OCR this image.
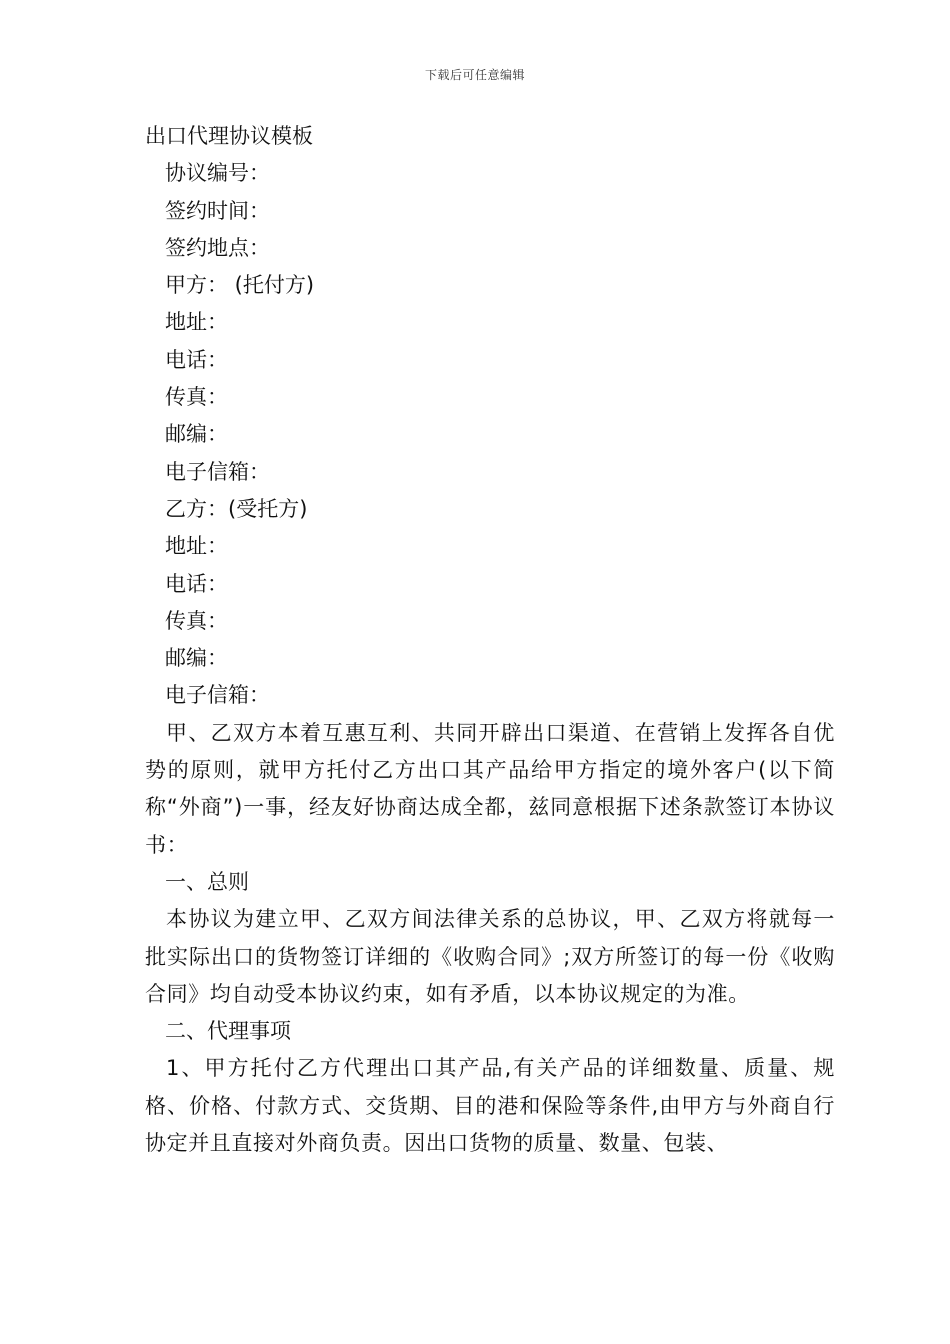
下载后可任意编辑
出口代理协议模板
协议编号：
签约时间：
签约地点：
甲方： (托付方)
地址：
电话：
传真：
邮编：
电子信箱：
乙方：(受托方)
地址：
电话：
传真：
邮编：
电子信箱：
甲、乙双方本着互惠互利、共同开辟出口渠道、在营销上发挥各自优势的原则，就甲方托付乙方出口其产品给甲方指定的境外客户(以下简称“外商”)一事，经友好协商达成全都，兹同意根据下述条款签订本协议书：
一、总则
本协议为建立甲、乙双方间法律关系的总协议，甲、乙双方将就每一批实际出口的货物签订详细的《收购合同》;双方所签订的每一份《收购合同》均自动受本协议约束，如有矛盾，以本协议规定的为准。
二、代理事项
1、甲方托付乙方代理出口其产品,有关产品的详细数量、质量、规格、价格、付款方式、交货期、目的港和保险等条件,由甲方与外商自行协定并且直接对外商负责。因出口货物的质量、数量、包装、
